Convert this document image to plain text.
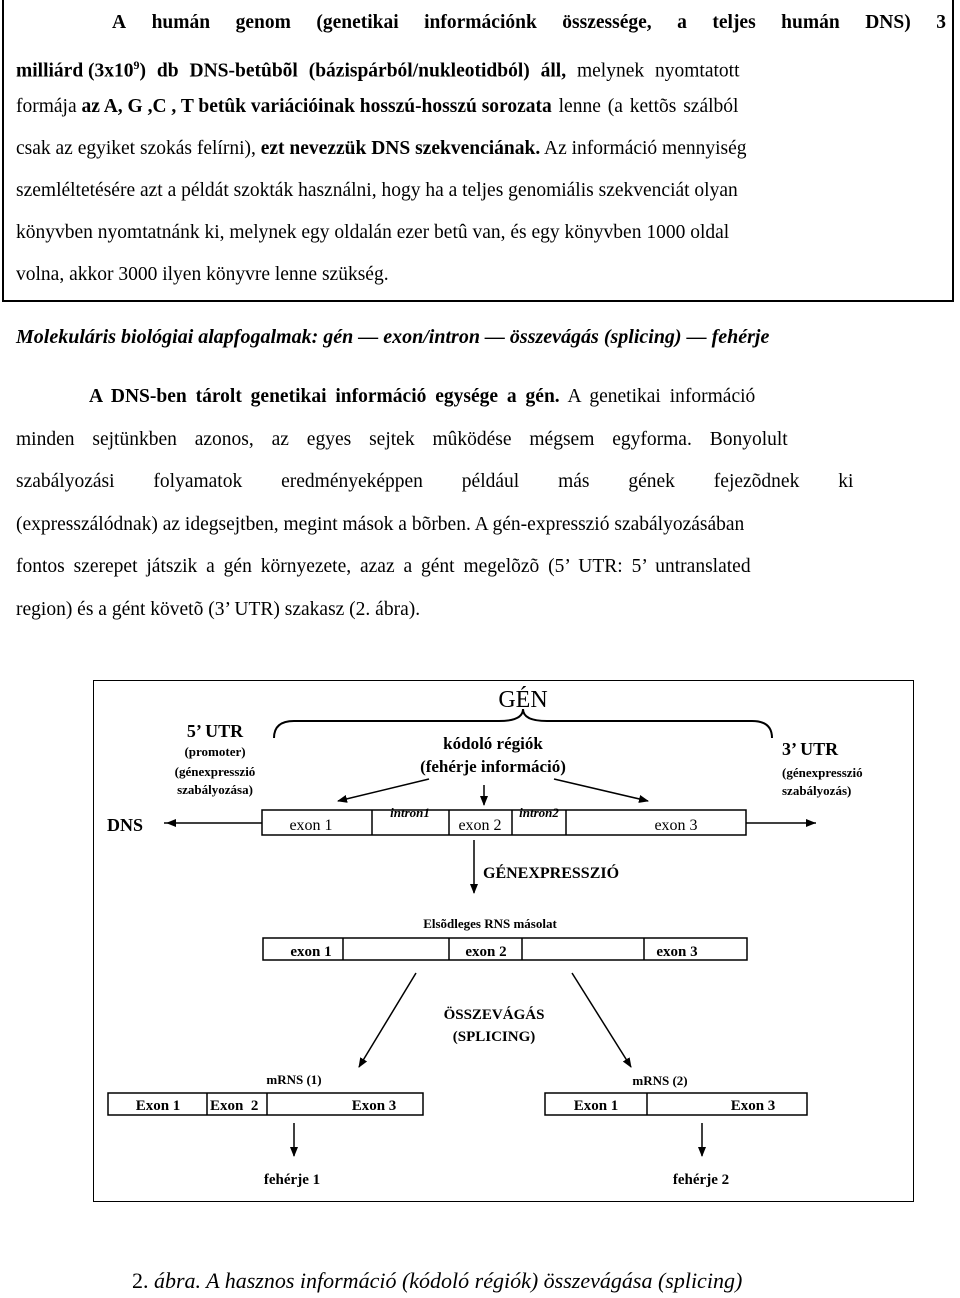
A humán genom (genetikai információnk összessége, a teljes humán DNS) 3
milliárd $(3x10^9)$ db DNS-betûbõl (bázispárból/nukleotidból) áll, melynek nyomtatott
formája az A, G ,C , T betûk variációinak hosszú-hosszú sorozata lenne (a kettõs szálból
csak az egyiket szokás felírni), ezt nevezzük DNS szekvenciának. Az információ mennyiség
szemléltetésére azt a példát szokták használni, hogy ha a teljes genomiális szekvenciát olyan
könyvben nyomtatnánk ki, melynek egy oldalán ezer betû van, és egy könyvben 1000 oldal
volna, akkor 3000 ilyen könyvre lenne szükség.
Molekuláris biológiai alapfogalmak: gén — exon/intron — összevágás (splicing) — fehérje
A DNS-ben tárolt genetikai információ egysége a gén. A genetikai információ
minden sejtünkben azonos, az egyes sejtek mûködése mégsem egyforma. Bonyolult
szabályozási folyamatok eredményeképpen például más gének fejezõdnek ki
(expresszálódnak) az idegsejtben, megint mások a bõrben. A gén-expresszió szabályozásában
fontos szerepet játszik a gén környezete, azaz a gént megelõzõ (5’ UTR: 5’ untranslated
region) és a gént követõ (3’ UTR) szakasz (2. ábra).
GÉN
5’ UTR
(promoter)
(génexpresszió
szabályozása)
kódoló régiók
(fehérje információ)
3’ UTR
(génexpresszió
szabályozás)
DNS	exon 1
intron1
exon 2
intron2
exon 3
GÉNEXPRESSZIÓ
Elsõdleges RNS másolat
exon 1	exon 2	exon 3
ÖSSZEVÁGÁS
(SPLICING)
mRNS (1)
Exon 1 Exon  2	Exon 3
fehérje 1
mRNS (2)
Exon 1	Exon 3
fehérje 2
2. ábra. A hasznos információ (kódoló régiók) összevágása (splicing)
